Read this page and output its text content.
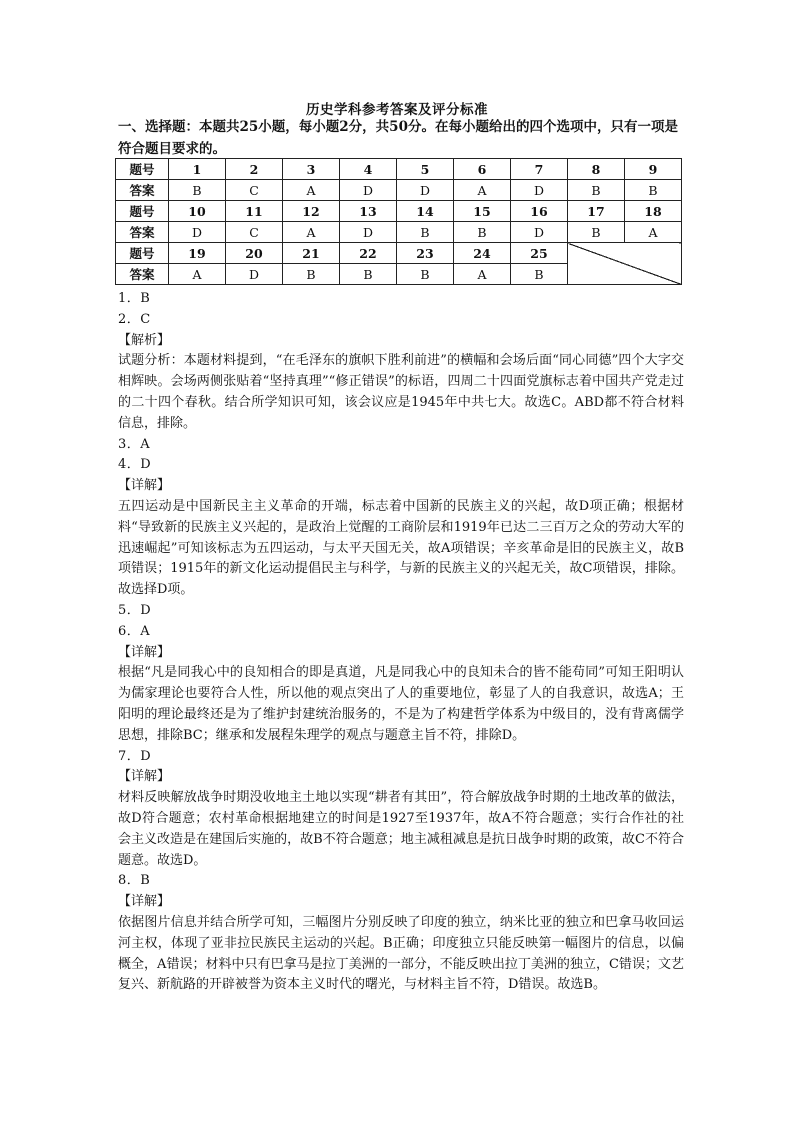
历史学科参考答案及评分标准
一、选择题：本题共25小题，每小题2分，共50分。在每小题给出的四个选项中，只有一项是符合题目要求的。
题号	1	2	3	4	5	6	7	8	9
答案	B	C	A	D	D	A	D	B	B
题号	10	11	12	13	14	15	16	17	18
答案	D	C	A	D	B	B	D	B	A
题号	19	20	21	22	23	24	25		
答案	A	D	B	B	B	A	B		

1．B

2．C

【解析】

试题分析：本题材料提到，“在毛泽东的旗帜下胜利前进”的横幅和会场后面“同心同德”四个大字交相辉映。会场两侧张贴着“坚持真理”“修正错误”的标语，四周二十四面党旗标志着中国共产党走过的二十四个春秋。结合所学知识可知，该会议应是1945年中共七大。故选C。ABD都不符合材料信息，排除。

3．A

4．D

【详解】

五四运动是中国新民主主义革命的开端，标志着中国新的民族主义的兴起，故D项正确；根据材料“导致新的民族主义兴起的，是政治上觉醒的工商阶层和1919年已达二三百万之众的劳动大军的迅速崛起”可知该标志为五四运动，与太平天国无关，故A项错误；辛亥革命是旧的民族主义，故B项错误；1915年的新文化运动提倡民主与科学，与新的民族主义的兴起无关，故C项错误，排除。故选择D项。

5．D

6．A

【详解】

根据“凡是同我心中的良知相合的即是真道，凡是同我心中的良知未合的皆不能苟同”可知王阳明认为儒家理论也要符合人性，所以他的观点突出了人的重要地位，彰显了人的自我意识，故选A；王阳明的理论最终还是为了维护封建统治服务的，不是为了构建哲学体系为中级目的，没有背离儒学思想，排除BC；继承和发展程朱理学的观点与题意主旨不符，排除D。

7．D

【详解】

材料反映解放战争时期没收地主土地以实现“耕者有其田”，符合解放战争时期的土地改革的做法，故D符合题意；农村革命根据地建立的时间是1927至1937年，故A不符合题意；实行合作社的社会主义改造是在建国后实施的，故B不符合题意；地主减租减息是抗日战争时期的政策，故C不符合题意。故选D。

8．B

【详解】

依据图片信息并结合所学可知，三幅图片分别反映了印度的独立，纳米比亚的独立和巴拿马收回运河主权，体现了亚非拉民族民主运动的兴起。B正确；印度独立只能反映第一幅图片的信息，以偏概全，A错误；材料中只有巴拿马是拉丁美洲的一部分，不能反映出拉丁美洲的独立，C错误；文艺复兴、新航路的开辟被誉为资本主义时代的曙光，与材料主旨不符，D错误。故选B。
